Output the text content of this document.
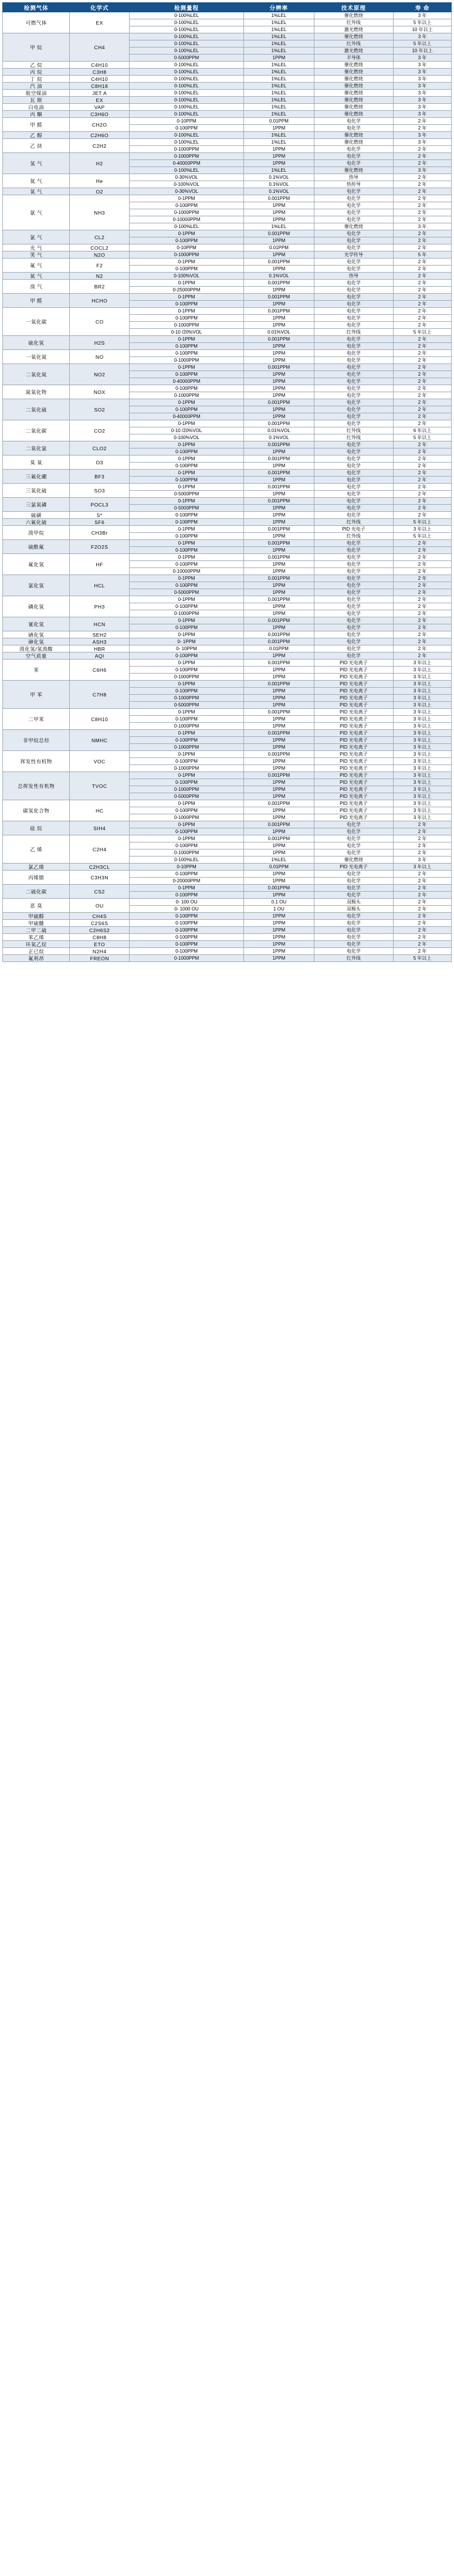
检测气体	化学式	检测量程	分辨率	技术原理	寿 命
可燃气体	EX	0-100%LEL	1%LEL	催化燃烧	3 年
		0-100%LEL	1%LEL	红外线	5 年以上
		0-100%LEL	1%LEL	激光燃烧	10 年以上
甲 烷	CH4	0-100%LEL	1%LEL	催化燃烧	3 年
		0-100%LEL	1%LEL	红外线	5 年以上
		0-100%LEL	1%LEL	激光燃烧	10 年以上
		0-5000PPM	1PPM	半导体	3 年
乙 烷	C4H10	0-100%LEL	1%LEL	催化燃烧	3 年
丙 烷	C3H8	0-100%LEL	1%LEL	催化燃烧	3 年
丁 烷	C4H10	0-100%LEL	1%LEL	催化燃烧	3 年
汽 油	C8H18	0-100%LEL	1%LEL	催化燃烧	3 年
航空煤油	JET A	0-100%LEL	1%LEL	催化燃烧	3 年
瓦 斯	EX	0-100%LEL	1%LEL	催化燃烧	3 年
白电油	VAP	0-100%LEL	1%LEL	催化燃烧	3 年
丙 酮	C3H6O	0-100%LEL	1%LEL	催化燃烧	3 年
甲 醛	CH2O	0-10PPM	0.01PPM	电化学	2 年
		0-100PPM	1PPM	电化学	2 年
乙 醇	C2H6O	0-100%LEL	1%LEL	催化燃烧	3 年
乙 炔	C2H2	0-100%LEL	1%LEL	催化燃烧	3 年
		0-1000PPM	1PPM	电化学	2 年
氢 气	H2	0-1000PPM	1PPM	电化学	2 年
		0-40000PPM	1PPM	电化学	2 年
		0-100%LEL	1%LEL	催化燃烧	3 年
氦 气	He	0-30%VOL	0.1%VOL	热导	2 年
		0-100%VOL	0.1%VOL	热传导	2 年
氧 气	O2	0-30%VOL	0.1%VOL	电化学	2 年
氨 气	NH3	0-1PPM	0.001PPM	电化学	2 年
		0-100PPM	1PPM	电化学	2 年
		0-1000PPM	1PPM	电化学	2 年
		0-10000PPM	1PPM	电化学	2 年
		0-100%LEL	1%LEL	催化燃烧	3 年
氯 气	CL2	0-1PPM	0.001PPM	电化学	2 年
		0-100PPM	1PPM	电化学	2 年
光 气	COCL2	0-10PPM	0.01PPM	电化学	2 年
笑 气	N2O	0-1000PPM	1PPM	光学传导	5 年
氟 气	F2	0-1PPM	0.001PPM	电化学	2 年
		0-100PPM	1PPM	电化学	2 年
氮 气	N2	0-100%VOL	0.1%VOL	热导	2 年
溴 气	BR2	0-1PPM	0.001PPM	电化学	2 年
		0-25000PPM	1PPM	电化学	2 年
甲 醛	HCHO	0-1PPM	0.001PPM	电化学	2 年
		0-100PPM	1PPM	电化学	2 年
一氧化碳	CO	0-1PPM	0.001PPM	电化学	2 年
		0-100PPM	1PPM	电化学	2 年
		0-1000PPM	1PPM	电化学	2 年
		0-10 /20%VOL	0.01%VOL	红外线	5 年以上
硫化氢	H2S	0-1PPM	0.001PPM	电化学	2 年
		0-100PPM	1PPM	电化学	2 年
一氧化氮	NO	0-100PPM	1PPM	电化学	2 年
		0-1000PPM	1PPM	电化学	2 年
二氧化氮	NO2	0-1PPM	0.001PPM	电化学	2 年
		0-100PPM	1PPM	电化学	2 年
		0-40000PPM	1PPM	电化学	2 年
氮氧化物	NOX	0-100PPM	1PPM	电化学	2 年
		0-1000PPM	1PPM	电化学	2 年
二氧化硫	SO2	0-1PPM	0.001PPM	电化学	2 年
		0-100PPM	1PPM	电化学	2 年
		0-40000PPM	1PPM	电化学	2 年
二氧化碳	CO2	0-1PPM	0.001PPM	电化学	2 年
		0-10 /20%VOL	0.01%VOL	红外线	6 年以上
		0-100%VOL	0.1%VOL	红外线	5 年以上
二氧化氯	CLO2	0-1PPM	0.001PPM	电化学	2 年
		0-100PPM	1PPM	电化学	2 年
臭 氧	O3	0-1PPM	0.001PPM	电化学	2 年
		0-100PPM	1PPM	电化学	2 年
三氟化硼	BF3	0-1PPM	0.001PPM	电化学	2 年
		0-100PPM	1PPM	电化学	2 年
三氧化硫	SO3	0-1PPM	0.001PPM	电化学	2 年
		0-5000PPM	1PPM	电化学	2 年
三氯氧磷	POCL3	0-1PPM	0.001PPM	电化学	2 年
		0-5000PPM	1PPM	电化学	2 年
硫磺	S*	0-100PPM	1PPM	电化学	2 年
六氟化硫	SF6	0-100PPM	1PPM	红外线	5 年以上
溴甲烷	CH3Br	0-1PPM	0.001PPM	PID 光电子	3 年以上
		0-100PPM	1PPM	红外线	5 年以上
硫酰氟	F2O2S	0-1PPM	0.001PPM	电化学	2 年
		0-100PPM	1PPM	电化学	2 年
氟化氢	HF	0-1PPM	0.001PPM	电化学	2 年
		0-100PPM	1PPM	电化学	2 年
		0-10000PPM	1PPM	电化学	2 年
氯化氢	HCL	0-1PPM	0.001PPM	电化学	2 年
		0-100PPM	1PPM	电化学	2 年
		0-5000PPM	1PPM	电化学	2 年
磷化氢	PH3	0-1PPM	0.001PPM	电化学	2 年
		0-100PPM	1PPM	电化学	2 年
		0-1000PPM	1PPM	电化学	2 年
氰化氢	HCN	0-1PPM	0.001PPM	电化学	2 年
		0-100PPM	1PPM	电化学	2 年
硒化氢	SEH2	0-1PPM	0.001PPM	电化学	2 年
砷化氢	ASH3	0- 1PPM	0.001PPM	电化学	2 年
溴化氢/氢溴酸	HBR	0- 10PPM	0.01PPM	电化学	2 年
空气质量	AQI	0-100PPM	1PPM	电化学	2 年
苯	C6H6	0-1PPM	0.001PPM	PID 光电离子	3 年以上
		0-100PPM	1PPM	PID 光电离子	3 年以上
		0-1000PPM	1PPM	PID 光电离子	3 年以上
甲 苯	C7H8	0-1PPM	0.001PPM	PID 光电离子	3 年以上
		0-100PPM	1PPM	PID 光电离子	3 年以上
		0-1000PPM	1PPM	PID 光电离子	3 年以上
		0-5000PPM	1PPM	PID 光电离子	3 年以上
二甲苯	C8H10	0-1PPM	0.001PPM	PID 光电离子	3 年以上
		0-100PPM	1PPM	PID 光电离子	3 年以上
		0-1000PPM	1PPM	PID 光电离子	3 年以上
非甲烷总烃	NMHC	0-1PPM	0.001PPM	PID 光电离子	3 年以上
		0-100PPM	1PPM	PID 光电离子	3 年以上
		0-1000PPM	1PPM	PID 光电离子	3 年以上
挥发性有机物	VOC	0-1PPM	0.001PPM	PID 光电离子	3 年以上
		0-100PPM	1PPM	PID 光电离子	3 年以上
		0-1000PPM	1PPM	PID 光电离子	3 年以上
总挥发性有机物	TVOC	0-1PPM	0.001PPM	PID 光电离子	3 年以上
		0-100PPM	1PPM	PID 光电离子	3 年以上
		0-1000PPM	1PPM	PID 光电离子	3 年以上
		0-5000PPM	1PPM	PID 光电离子	3 年以上
碳氢化合物	HC	0-1PPM	0.001PPM	PID 光电离子	3 年以上
		0-100PPM	1PPM	PID 光电离子	3 年以上
		0-1000PPM	1PPM	PID 光电离子	3 年以上
硅 烷	SIH4	0-1PPM	0.001PPM	电化学	2 年
		0-100PPM	1PPM	电化学	2 年
乙 烯	C2H4	0-1PPM	0.001PPM	电化学	2 年
		0-100PPM	1PPM	电化学	2 年
		0-1000PPM	1PPM	电化学	2 年
		0-100%LEL	1%LEL	催化燃烧	3 年
氯乙烯	C2H3CL	0-10PPM	0.01PPM	PID 光电离子	3 年以上
丙烯腈	C3H3N	0-100PPM	1PPM	电化学	2 年
		0-20000PPM	1PPM	电化学	2 年
二硫化碳	CS2	0-1PPM	0.001PPM	电化学	2 年
		0-100PPM	1PPM	电化学	2 年
恶 臭	OU	0- 100 OU	0.1 OU	双极头	2 年
		0- 1000 OU	1 OU	双极头	2 年
甲硫醇	CH4S	0-100PPM	1PPM	电化学	2 年
甲硫醚	C2S6S	0-100PPM	1PPM	电化学	2 年
二甲二硫	C2H6S2	0-100PPM	1PPM	电化学	2 年
苯乙烯	C8H8	0-100PPM	1PPM	电化学	2 年
环氧乙烷	ETO	0-100PPM	1PPM	电化学	2 年
正已烷	N2H4	0-100PPM	1PPM	电化学	2 年
氟利昂	FREON	0-1000PPM	1PPM	红外线	5 年以上
